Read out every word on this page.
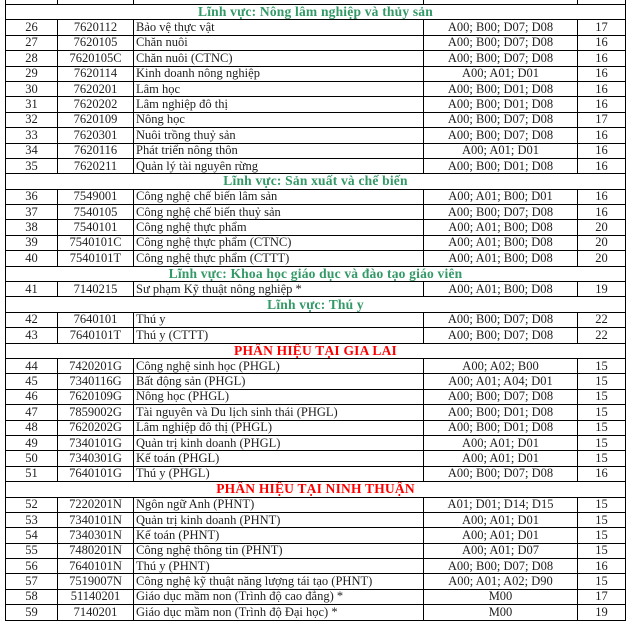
Lĩnh vực: Nông lâm nghiệp và thủy sản				
26	7620112	Bảo vệ thực vật	A00; B00; D07; D08	17
27	7620105	Chăn nuôi	A00; B00; D07; D08	16
28	7620105C	Chăn nuôi (CTNC)	A00; B00; D07; D08	16
29	7620114	Kinh doanh nông nghiệp	A00; A01; D01	16
30	7620201	Lâm học	A00; B00; D01; D08	16
31	7620202	Lâm nghiệp đô thị	A00; B00; D01; D08	16
32	7620109	Nông học	A00; B00; D07; D08	17
33	7620301	Nuôi trồng thuỷ sản	A00; B00; D07; D08	16
34	7620116	Phát triển nông thôn	A00; A01; D01	16
35	7620211	Quản lý tài nguyên rừng	A00; B00; D01; D08	16
Lĩnh vực: Sản xuất và chế biến				
36	7549001	Công nghệ chế biến lâm sản	A00; A01; B00; D01	16
37	7540105	Công nghệ chế biến thuỷ sản	A00; B00; D07; D08	16
38	7540101	Công nghệ thực phẩm	A00; A01; B00; D08	20
39	7540101C	Công nghệ thực phẩm (CTNC)	A00; A01; B00; D08	20
40	7540101T	Công nghệ thực phẩm (CTTT)	A00; A01; B00; D08	20
Lĩnh vực: Khoa học giáo dục và đào tạo giáo viên				
41	7140215	Sư phạm Kỹ thuật nông nghiệp *	A00; A01; B00; D08	19
Lĩnh vực: Thú y				
42	7640101	Thú y	A00; B00; D07; D08	22
43	7640101T	Thú y (CTTT)	A00; B00; D07; D08	22
PHÂN HIỆU TẠI GIA LAI				
44	7420201G	Công nghệ sinh học (PHGL)	A00; A02; B00	15
45	7340116G	Bất động sản (PHGL)	A00; A01; A04; D01	15
46	7620109G	Nông học (PHGL)	A00; B00; D07; D08	15
47	7859002G	Tài nguyên và Du lịch sinh thái (PHGL)	A00; B00; D01; D08	15
48	7620202G	Lâm nghiệp đô thị (PHGL)	A00; B00; D01; D08	15
49	7340101G	Quản trị kinh doanh (PHGL)	A00; A01; D01	15
50	7340301G	Kế toán (PHGL)	A00; A01; D01	15
51	7640101G	Thú y (PHGL)	A00; B00; D07; D08	16
PHÂN HIỆU TẠI NINH THUẬN				
52	7220201N	Ngôn ngữ Anh (PHNT)	A01; D01; D14; D15	15
53	7340101N	Quản trị kinh doanh (PHNT)	A00; A01; D01	15
54	7340301N	Kế toán (PHNT)	A00; A01; D01	15
55	7480201N	Công nghệ thông tin (PHNT)	A00; A01; D07	15
56	7640101N	Thú y (PHNT)	A00; B00; D07; D08	16
57	7519007N	Công nghệ kỹ thuật năng lượng tái tạo (PHNT)	A00; A01; A02; D90	15
58	51140201	Giáo dục mầm non (Trình độ cao đẳng) *	M00	17
59	7140201	Giáo dục mầm non (Trình độ Đại học) *	M00	19
